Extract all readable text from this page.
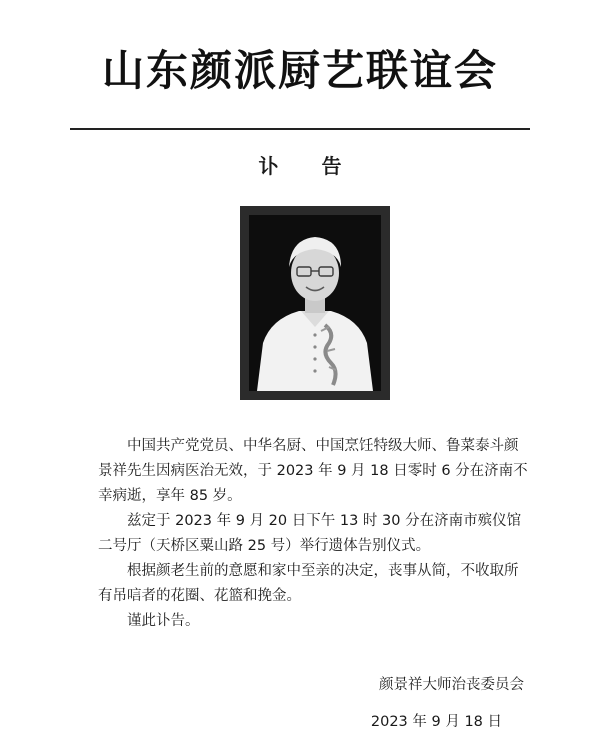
山东颜派厨艺联谊会
讣 告

中国共产党党员、中华名厨、中国烹饪特级大师、鲁菜泰斗颜景祥先生因病医治无效，于 2023 年 9 月 18 日零时 6 分在济南不幸病逝，享年 85 岁。

兹定于 2023 年 9 月 20 日下午 13 时 30 分在济南市殡仪馆二号厅（天桥区粟山路 25 号）举行遗体告别仪式。

根据颜老生前的意愿和家中至亲的决定，丧事从简，不收取所有吊唁者的花圈、花篮和挽金。

谨此讣告。

颜景祥大师治丧委员会
2023 年 9 月 18 日
